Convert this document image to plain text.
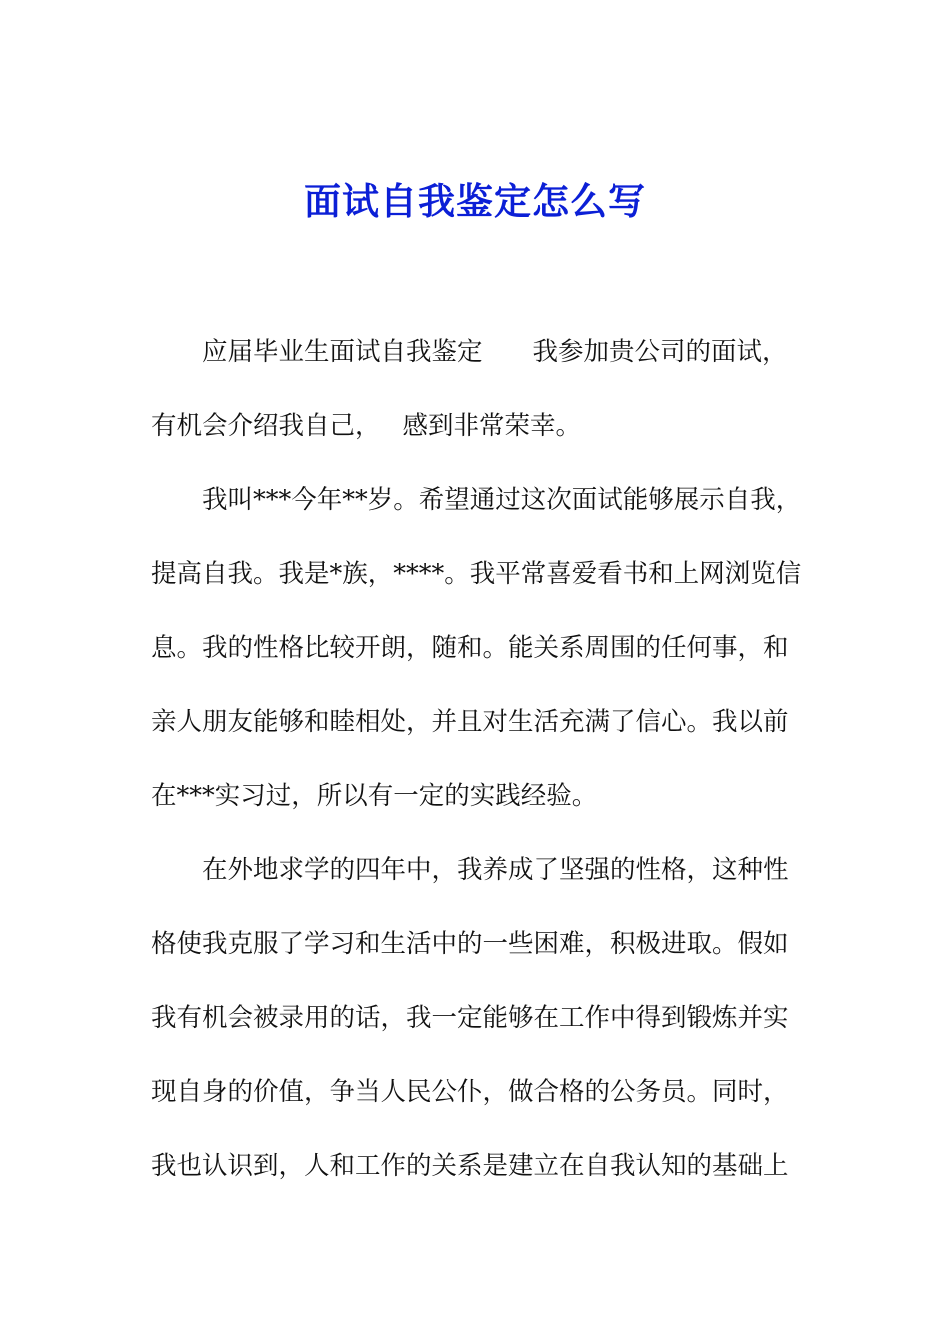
面试自我鉴定怎么写
应届毕业生面试自我鉴定 我参加贵公司的面试，
有机会介绍我自己， 感到非常荣幸。
我叫***今年**岁。希望通过这次面试能够展示自我，
提高自我。我是*族，****。我平常喜爱看书和上网浏览信
息。我的性格比较开朗，随和。能关系周围的任何事，和
亲人朋友能够和睦相处，并且对生活充满了信心。我以前
在***实习过，所以有一定的实践经验。
在外地求学的四年中，我养成了坚强的性格，这种性
格使我克服了学习和生活中的一些困难，积极进取。假如
我有机会被录用的话，我一定能够在工作中得到锻炼并实
现自身的价值，争当人民公仆，做合格的公务员。同时，
我也认识到，人和工作的关系是建立在自我认知的基础上
